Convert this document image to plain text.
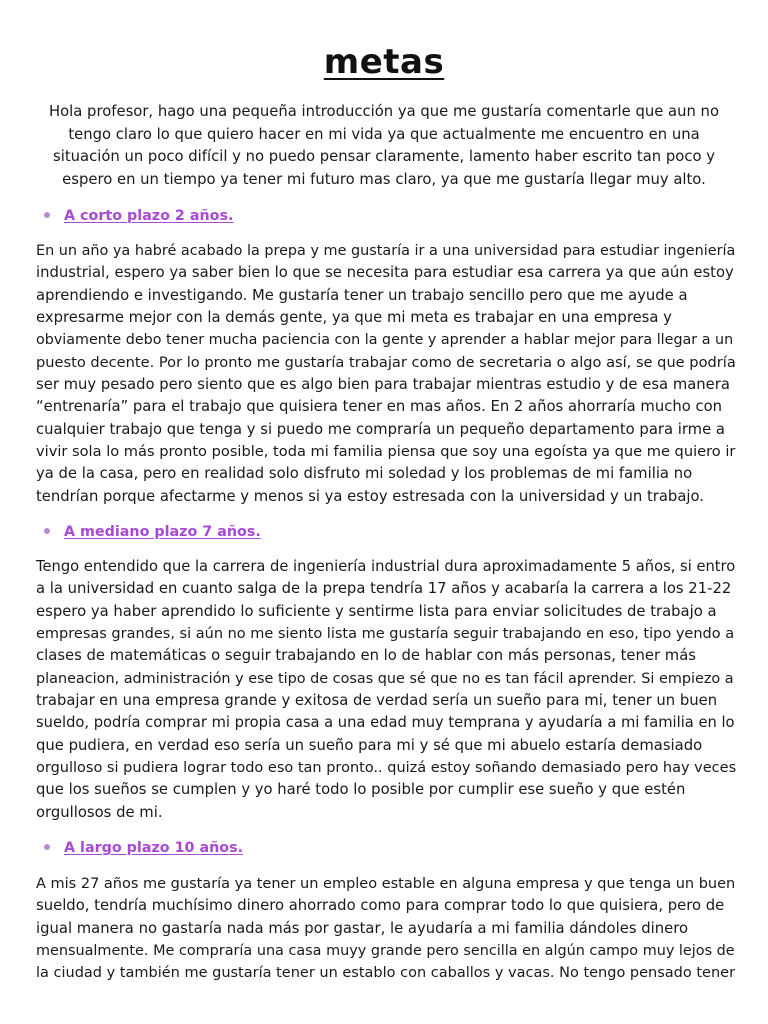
metas

Hola profesor, hago una pequeña introducción ya que me gustaría comentarle que aun no tengo claro lo que quiero hacer en mi vida ya que actualmente me encuentro en una situación un poco difícil y no puedo pensar claramente, lamento haber escrito tan poco y espero en un tiempo ya tener mi futuro mas claro, ya que me gustaría llegar muy alto.

A corto plazo 2 años.
En un año ya habré acabado la prepa y me gustaría ir a una universidad para estudiar ingeniería
industrial, espero ya saber bien lo que se necesita para estudiar esa carrera ya que aún estoy
aprendiendo e investigando. Me gustaría tener un trabajo sencillo pero que me ayude a
expresarme mejor con la demás gente, ya que mi meta es trabajar en una empresa y
obviamente debo tener mucha paciencia con la gente y aprender a hablar mejor para llegar a un
puesto decente. Por lo pronto me gustaría trabajar como de secretaria o algo así, se que podría
ser muy pesado pero siento que es algo bien para trabajar mientras estudio y de esa manera
“entrenaría” para el trabajo que quisiera tener en mas años. En 2 años ahorraría mucho con
cualquier trabajo que tenga y si puedo me compraría un pequeño departamento para irme a
vivir sola lo más pronto posible, toda mi familia piensa que soy una egoísta ya que me quiero ir
ya de la casa, pero en realidad solo disfruto mi soledad y los problemas de mi familia no
tendrían porque afectarme y menos si ya estoy estresada con la universidad y un trabajo.
A mediano plazo 7 años.
Tengo entendido que la carrera de ingeniería industrial dura aproximadamente 5 años, si entro
a la universidad en cuanto salga de la prepa tendría 17 años y acabaría la carrera a los 21-22
espero ya haber aprendido lo suficiente y sentirme lista para enviar solicitudes de trabajo a
empresas grandes, si aún no me siento lista me gustaría seguir trabajando en eso, tipo yendo a
clases de matemáticas o seguir trabajando en lo de hablar con más personas, tener más
planeacion, administración y ese tipo de cosas que sé que no es tan fácil aprender. Si empiezo a
trabajar en una empresa grande y exitosa de verdad sería un sueño para mi, tener un buen
sueldo, podría comprar mi propia casa a una edad muy temprana y ayudaría a mi familia en lo
que pudiera, en verdad eso sería un sueño para mi y sé que mi abuelo estaría demasiado
orgulloso si pudiera lograr todo eso tan pronto.. quizá estoy soñando demasiado pero hay veces
que los sueños se cumplen y yo haré todo lo posible por cumplir ese sueño y que estén
orgullosos de mi.
A largo plazo 10 años.
A mis 27 años me gustaría ya tener un empleo estable en alguna empresa y que tenga un buen
sueldo, tendría muchísimo dinero ahorrado como para comprar todo lo que quisiera, pero de
igual manera no gastaría nada más por gastar, le ayudaría a mi familia dándoles dinero
mensualmente. Me compraría una casa muyy grande pero sencilla en algún campo muy lejos de
la ciudad y también me gustaría tener un establo con caballos y vacas. No tengo pensado tener
